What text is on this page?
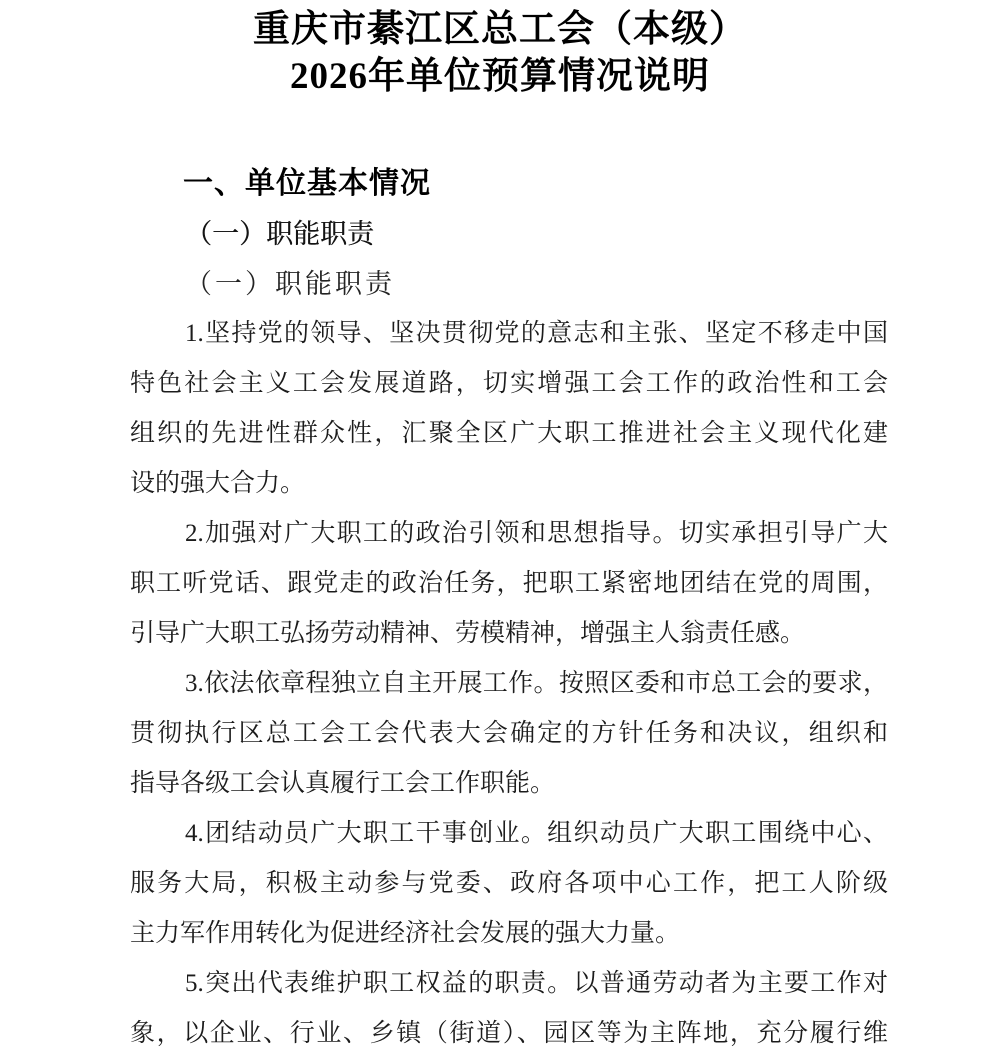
重庆市綦江区总工会（本级）
2026年单位预算情况说明
一、单位基本情况
（一）职能职责
（一）职能职责
1.坚持党的领导、坚决贯彻党的意志和主张、坚定不移走中国
特色社会主义工会发展道路，切实增强工会工作的政治性和工会
组织的先进性群众性，汇聚全区广大职工推进社会主义现代化建
设的强大合力。
2.加强对广大职工的政治引领和思想指导。切实承担引导广大
职工听党话、跟党走的政治任务，把职工紧密地团结在党的周围，
引导广大职工弘扬劳动精神、劳模精神，增强主人翁责任感。
3.依法依章程独立自主开展工作。按照区委和市总工会的要求，
贯彻执行区总工会工会代表大会确定的方针任务和决议，组织和
指导各级工会认真履行工会工作职能。
4.团结动员广大职工干事创业。组织动员广大职工围绕中心、
服务大局，积极主动参与党委、政府各项中心工作，把工人阶级
主力军作用转化为促进经济社会发展的强大力量。
5.突出代表维护职工权益的职责。以普通劳动者为主要工作对
象，以企业、行业、乡镇（街道）、园区等为主阵地，充分履行维
